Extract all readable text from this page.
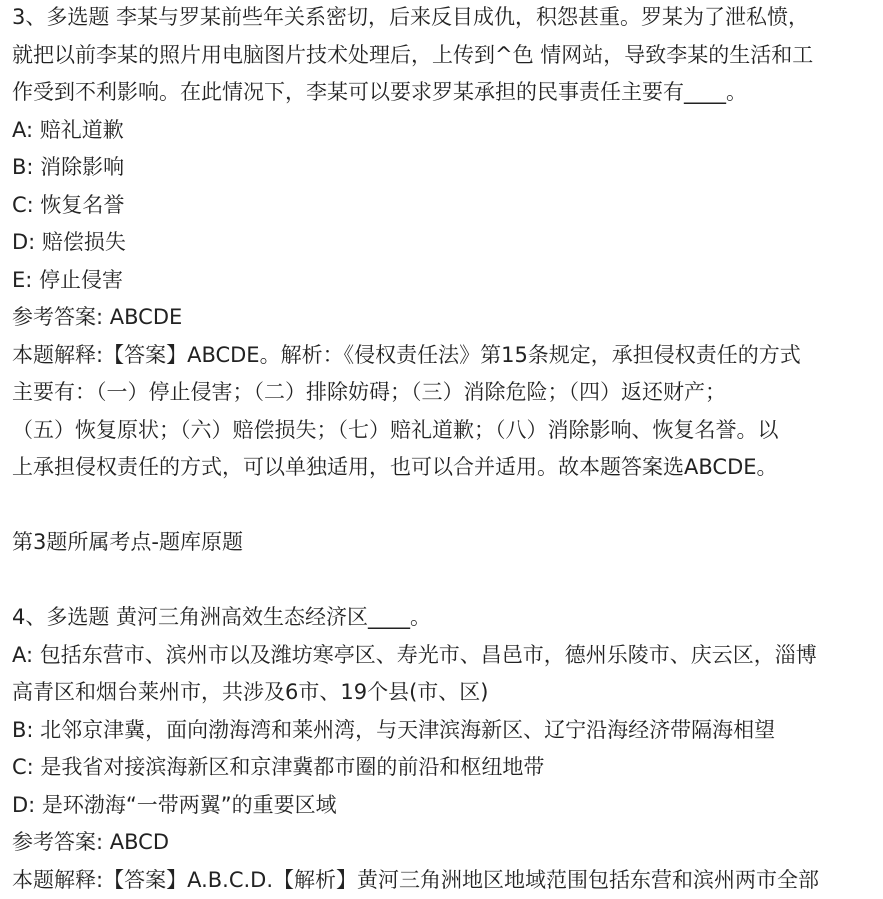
3、多选题 李某与罗某前些年关系密切，后来反目成仇，积怨甚重。罗某为了泄私愤，
就把以前李某的照片用电脑图片技术处理后，上传到^色 情网站，导致李某的生活和工
作受到不利影响。在此情况下，李某可以要求罗某承担的民事责任主要有____。
A: 赔礼道歉
B: 消除影响
C: 恢复名誉
D: 赔偿损失
E: 停止侵害
参考答案: ABCDE
本题解释:【答案】ABCDE。解析：《侵权责任法》第15条规定，承担侵权责任的方式
主要有：（一）停止侵害；（二）排除妨碍；（三）消除危险；（四）返还财产；
（五）恢复原状；（六）赔偿损失；（七）赔礼道歉；（八）消除影响、恢复名誉。以
上承担侵权责任的方式，可以单独适用，也可以合并适用。故本题答案选ABCDE。
第3题所属考点-题库原题
4、多选题 黄河三角洲高效生态经济区____。
A: 包括东营市、滨州市以及潍坊寒亭区、寿光市、昌邑市，德州乐陵市、庆云区，淄博
高青区和烟台莱州市，共涉及6市、19个县(市、区)
B: 北邻京津冀，面向渤海湾和莱州湾，与天津滨海新区、辽宁沿海经济带隔海相望
C: 是我省对接滨海新区和京津冀都市圈的前沿和枢纽地带
D: 是环渤海“一带两翼”的重要区域
参考答案: ABCD
本题解释:【答案】A.B.C.D.【解析】黄河三角洲地区地域范围包括东营和滨州两市全部
